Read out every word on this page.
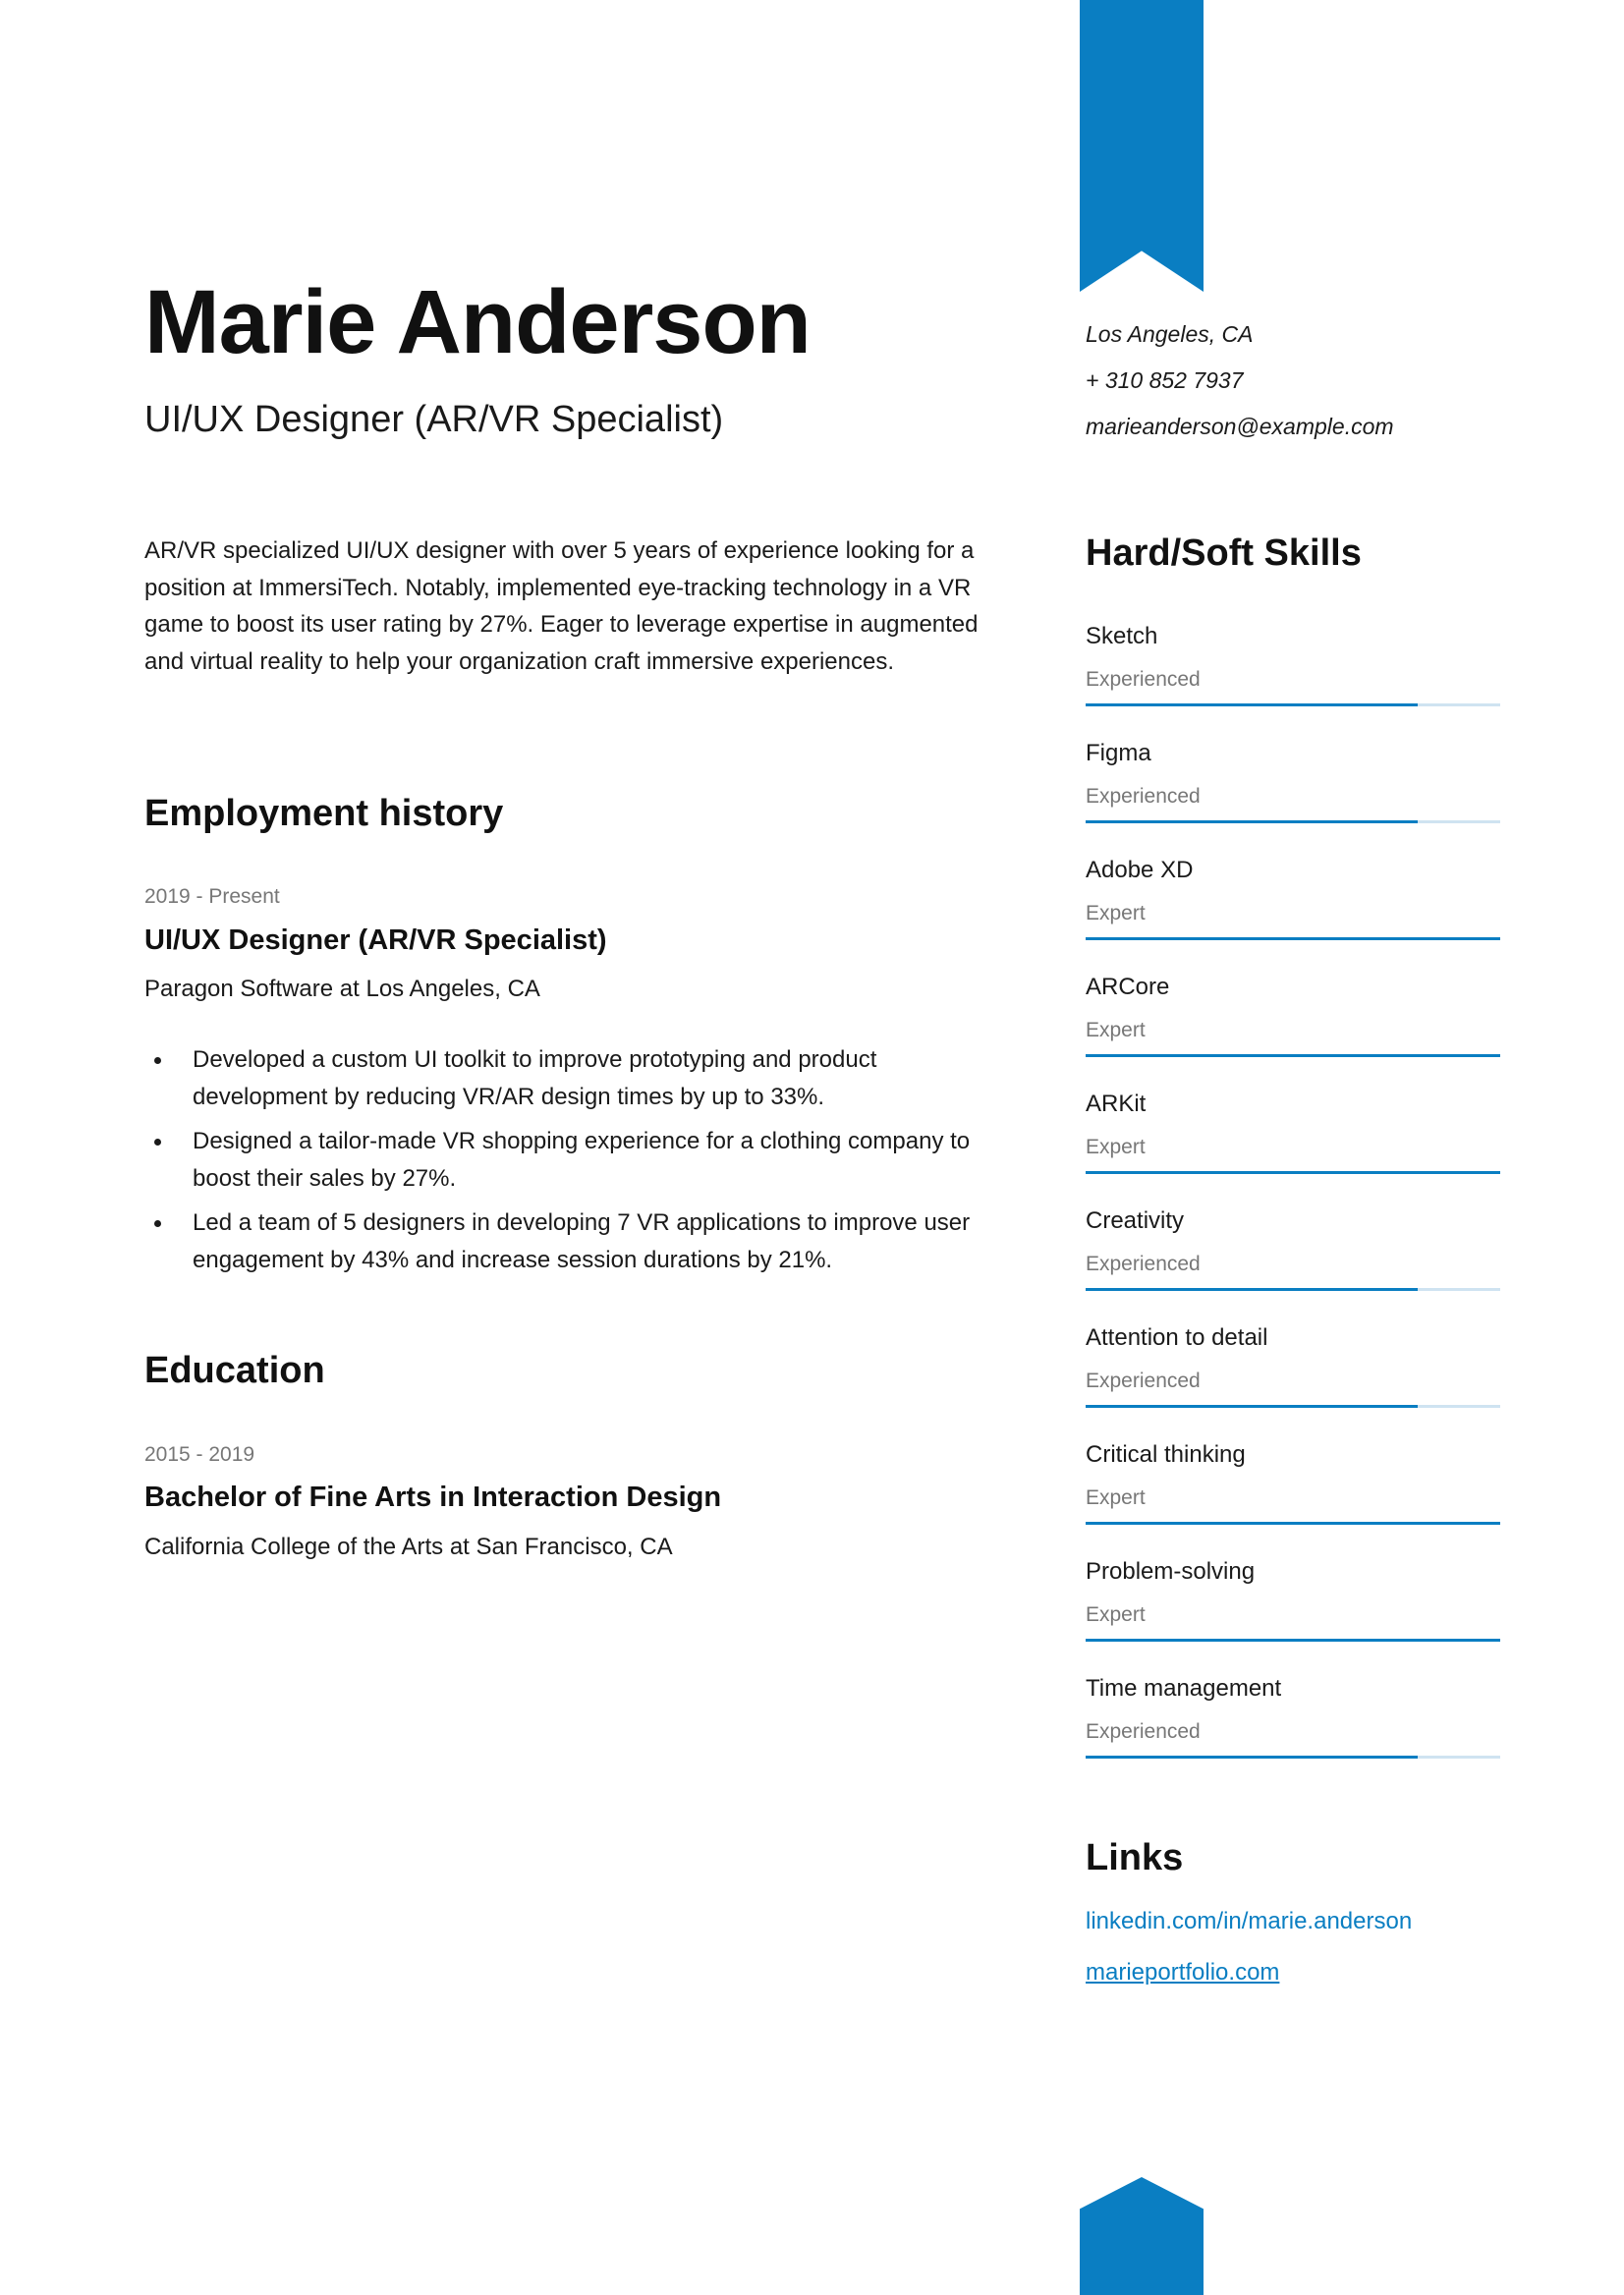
Marie Anderson
UI/UX Designer (AR/VR Specialist)

Los Angeles, CA

+ 310 852 7937

marieanderson@example.com

AR/VR specialized UI/UX designer with over 5 years of experience looking for a position at ImmersiTech. Notably, implemented eye-tracking technology in a VR game to boost its user rating by 27%. Eager to leverage expertise in augmented and virtual reality to help your organization craft immersive experiences.

Employment history

2019 - Present

UI/UX Designer (AR/VR Specialist)

Paragon Software at Los Angeles, CA

Developed a custom UI toolkit to improve prototyping and product development by reducing VR/AR design times by up to 33%.
Designed a tailor-made VR shopping experience for a clothing company to boost their sales by 27%.
Led a team of 5 designers in developing 7 VR applications to improve user engagement by 43% and increase session durations by 21%.
Education

2015 - 2019

Bachelor of Fine Arts in Interaction Design

California College of the Arts at San Francisco, CA

Hard/Soft Skills
Sketch
Experienced
Figma
Experienced
Adobe XD
Expert
ARCore
Expert
ARKit
Expert
Creativity
Experienced
Attention to detail
Experienced
Critical thinking
Expert
Problem-solving
Expert
Time management
Experienced
Links
linkedin.com/in/marie.anderson
marieportfolio.com
